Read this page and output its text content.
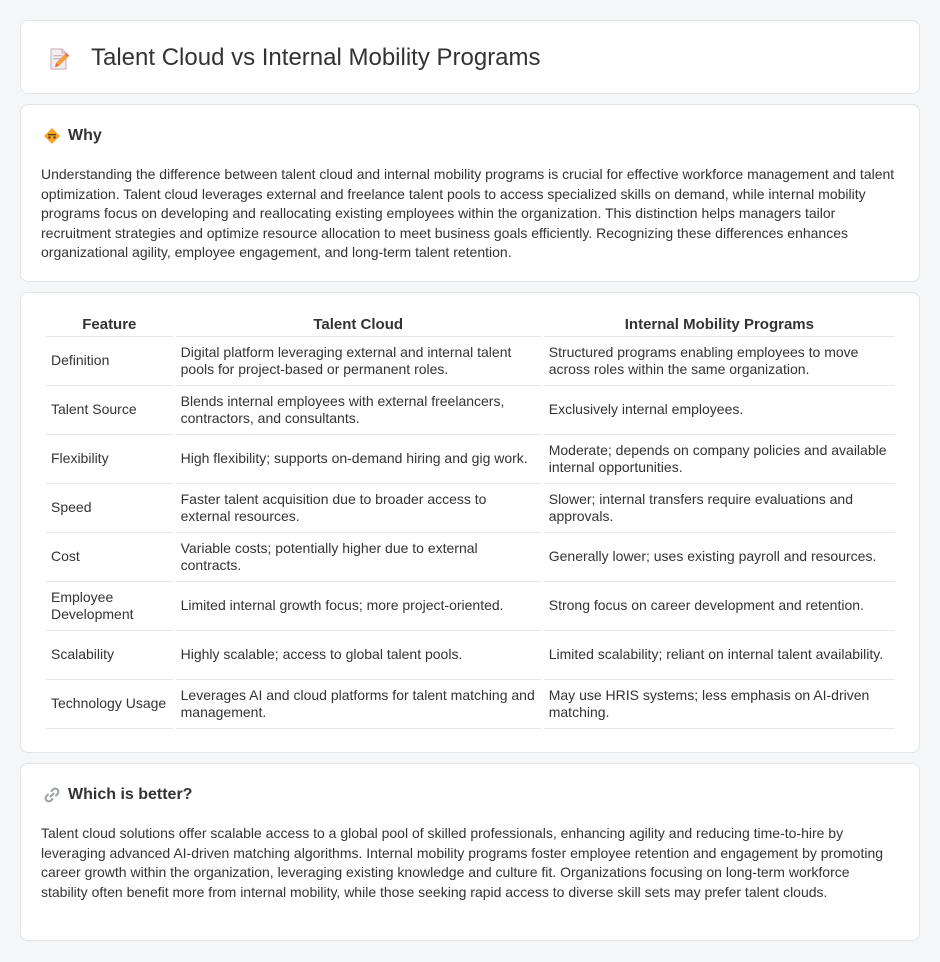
Talent Cloud vs Internal Mobility Programs
Why

Understanding the difference between talent cloud and internal mobility programs is crucial for effective workforce management and talent optimization. Talent cloud leverages external and freelance talent pools to access specialized skills on demand, while internal mobility programs focus on developing and reallocating existing employees within the organization. This distinction helps managers tailor recruitment strategies and optimize resource allocation to meet business goals efficiently. Recognizing these differences enhances organizational agility, employee engagement, and long-term talent retention.

Feature	Talent Cloud	Internal Mobility Programs
Definition	Digital platform leveraging external and internal talent pools for project-based or permanent roles.	Structured programs enabling employees to move across roles within the same organization.
Talent Source	Blends internal employees with external freelancers, contractors, and consultants.	Exclusively internal employees.
Flexibility	High flexibility; supports on-demand hiring and gig work.	Moderate; depends on company policies and available internal opportunities.
Speed	Faster talent acquisition due to broader access to external resources.	Slower; internal transfers require evaluations and approvals.
Cost	Variable costs; potentially higher due to external contracts.	Generally lower; uses existing payroll and resources.
Employee Development	Limited internal growth focus; more project-oriented.	Strong focus on career development and retention.
Scalability	Highly scalable; access to global talent pools.	Limited scalability; reliant on internal talent availability.
Technology Usage	Leverages AI and cloud platforms for talent matching and management.	May use HRIS systems; less emphasis on AI-driven matching.
Which is better?

Talent cloud solutions offer scalable access to a global pool of skilled professionals, enhancing agility and reducing time-to-hire by leveraging advanced AI-driven matching algorithms. Internal mobility programs foster employee retention and engagement by promoting career growth within the organization, leveraging existing knowledge and culture fit. Organizations focusing on long-term workforce stability often benefit more from internal mobility, while those seeking rapid access to diverse skill sets may prefer talent clouds.
